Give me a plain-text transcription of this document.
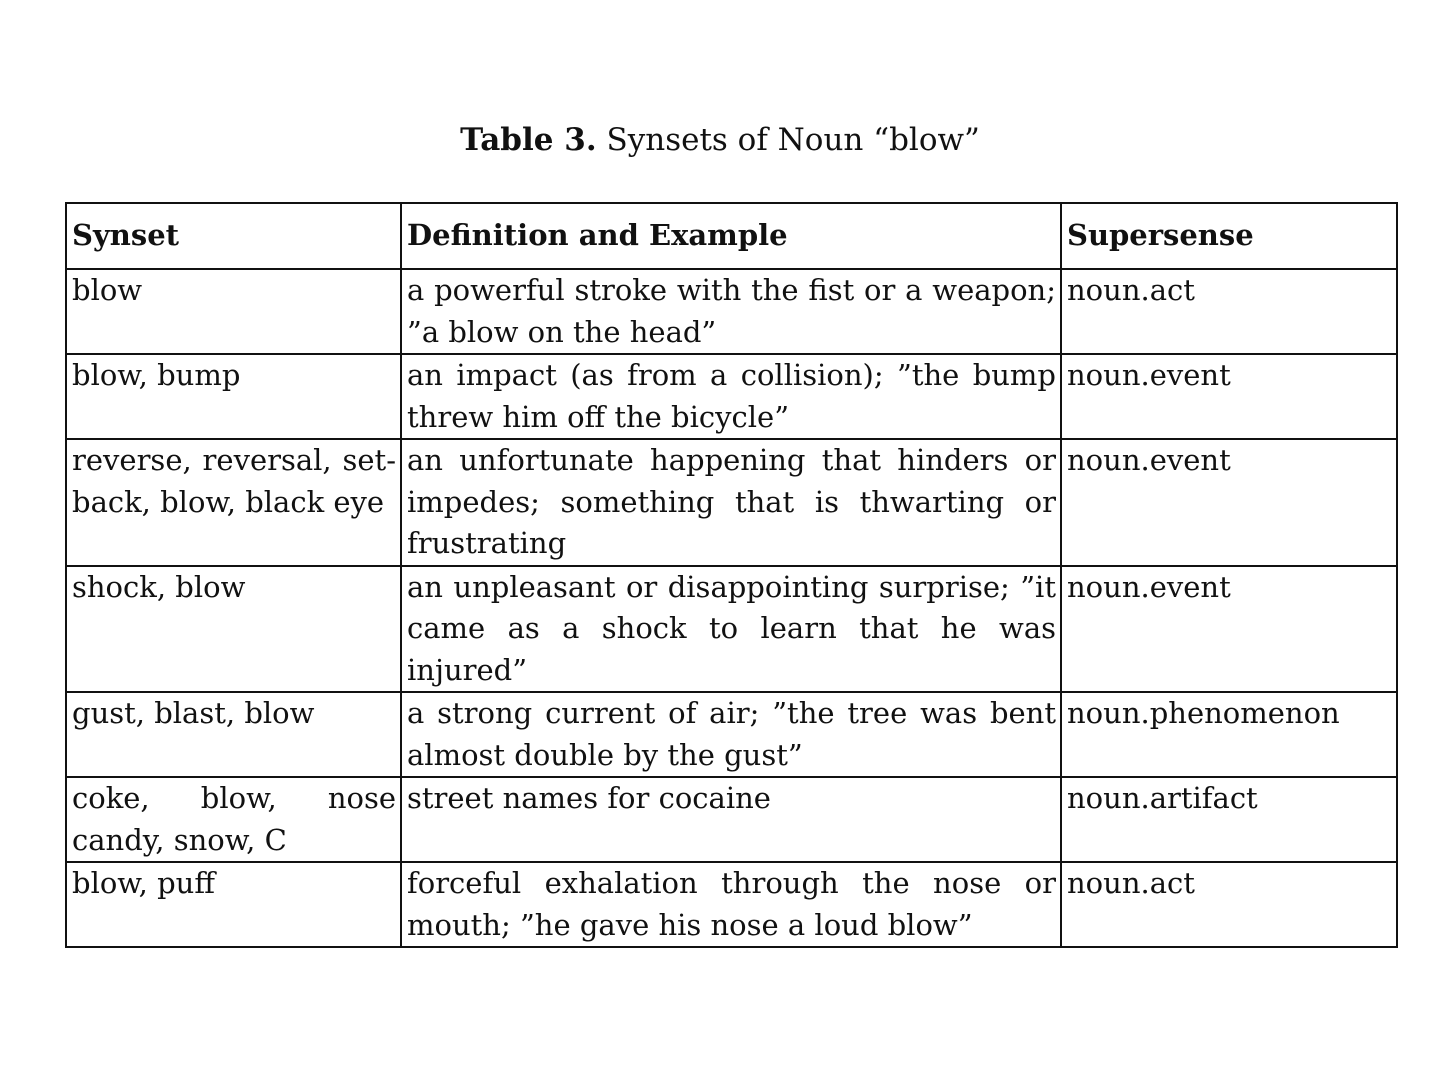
Table 3. Synsets of Noun “blow”
Synset	Definition and Example	Supersense
blow	a powerful stroke with the fist or a weapon; ”a blow on the head”	noun.act
blow, bump	an impact (as from a collision); ”the bump threw him off the bicycle”	noun.event
reverse, reversal, set-back, blow, black eye	an unfortunate happening that hinders or impedes; something that is thwarting or frustrating	noun.event
shock, blow	an unpleasant or disappointing surprise; ”it came as a shock to learn that he was injured”	noun.event
gust, blast, blow	a strong current of air; ”the tree was bent almost double by the gust”	noun.phenomenon
coke, blow, nose candy, snow, C	street names for cocaine	noun.artifact
blow, puff	forceful exhalation through the nose or mouth; ”he gave his nose a loud blow”	noun.act
